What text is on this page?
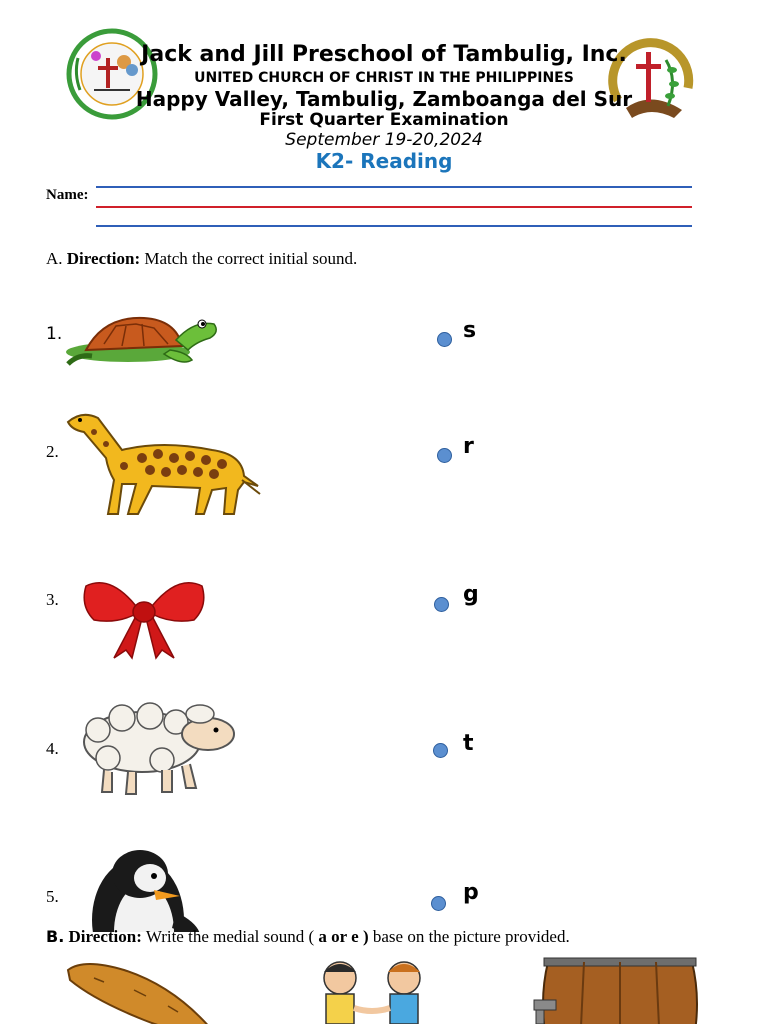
Jack and Jill Preschool of Tambulig, Inc.
UNITED CHURCH OF CHRIST IN THE PHILIPPINES
Happy Valley, Tambulig, Zamboanga del Sur
First Quarter Examination
September 19-20,2024
K2- Reading
Name:
A. Direction: Match the correct initial sound.
1.
2.
3.
4.
5.
s
r
g
t
p
B. Direction: Write the medial sound ( a or e ) base on the picture provided.
